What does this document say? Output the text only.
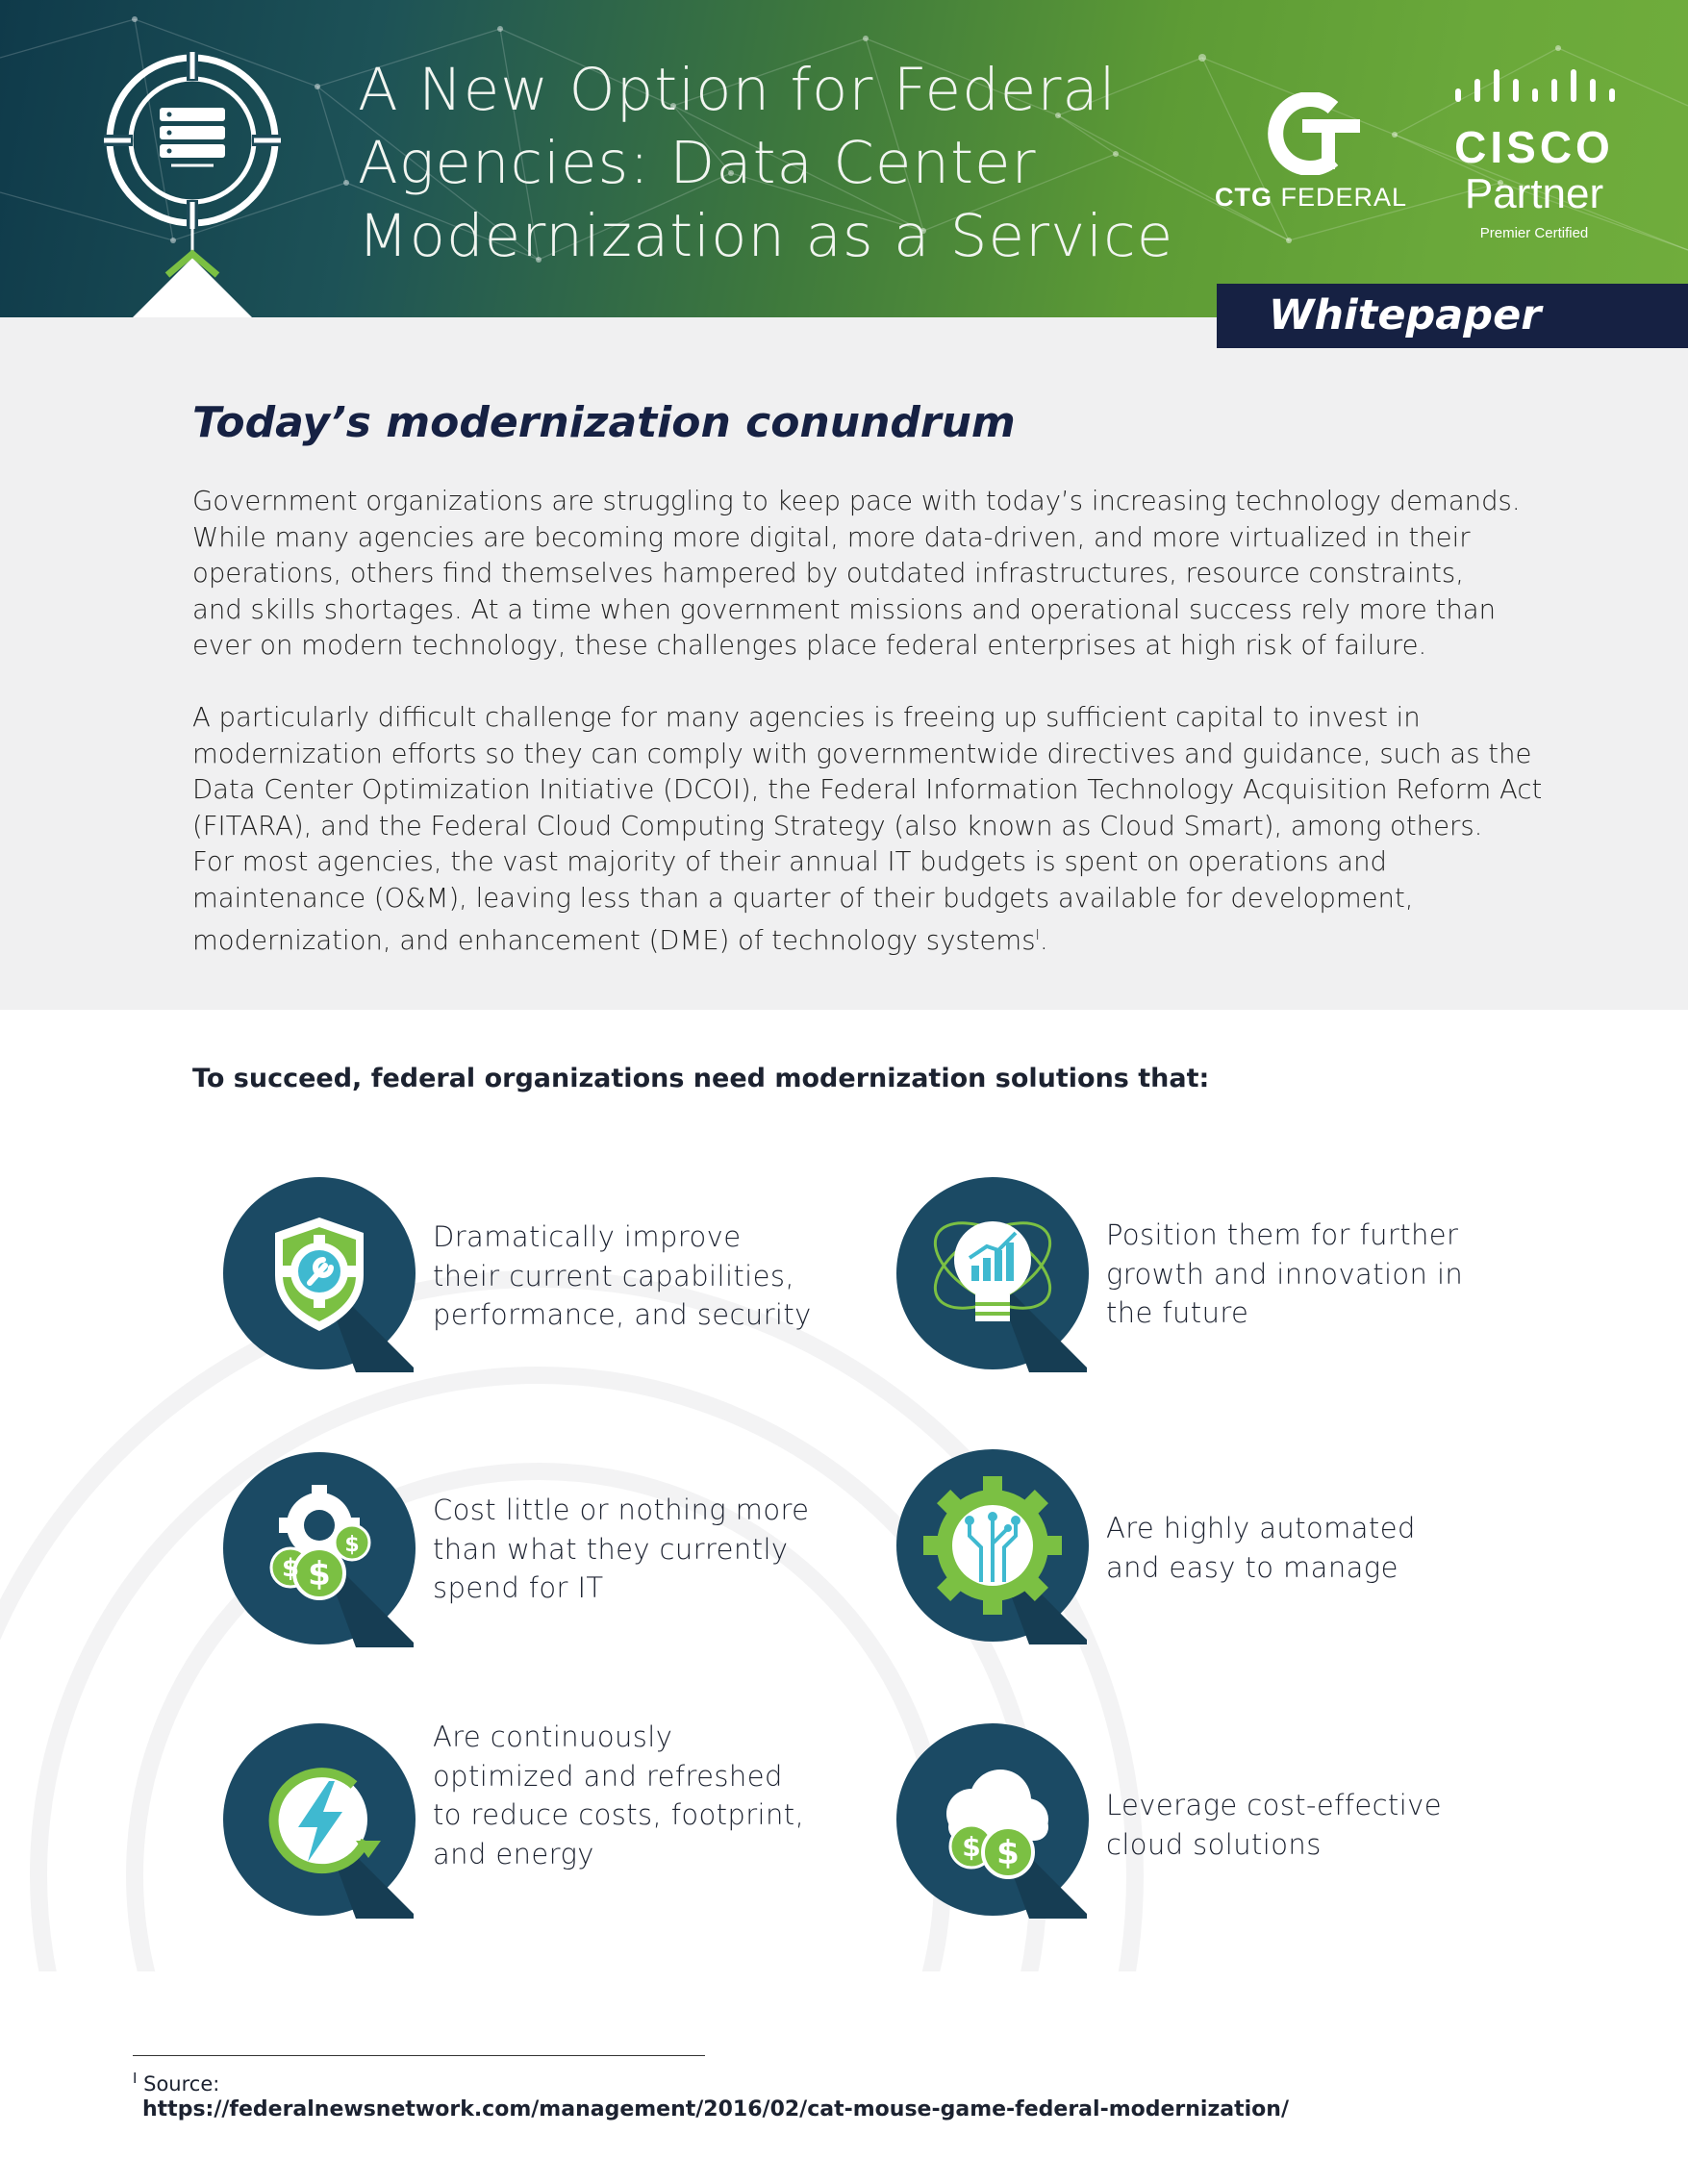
A New Option for Federal
Agencies: Data Center
Modernization as a Service
CTG FEDERAL
CISCO
Partner
Premier Certified
Whitepaper
Today’s modernization conundrum
Government organizations are struggling to keep pace with today’s increasing technology demands.
While many agencies are becoming more digital, more data-driven, and more virtualized in their
operations, others find themselves hampered by outdated infrastructures, resource constraints,
and skills shortages. At a time when government missions and operational success rely more than
ever on modern technology, these challenges place federal enterprises at high risk of failure.
A particularly difficult challenge for many agencies is freeing up sufficient capital to invest in
modernization efforts so they can comply with governmentwide directives and guidance, such as the
Data Center Optimization Initiative (DCOI), the Federal Information Technology Acquisition Reform Act
(FITARA), and the Federal Cloud Computing Strategy (also known as Cloud Smart), among others.
For most agencies, the vast majority of their annual IT budgets is spent on operations and
maintenance (O&M), leaving less than a quarter of their budgets available for development,
modernization, and enhancement (DME) of technology systems$^I$.
To succeed, federal organizations need modernization solutions that:
Dramatically improve
their current capabilities,
performance, and security
Position them for further
growth and innovation in
the future
$
$
$
Cost little or nothing more
than what they currently
spend for IT
Are highly automated
and easy to manage
Are continuously
optimized and refreshed
to reduce costs, footprint,
and energy	$ $
Leverage cost-effective
cloud solutions
$^I$ Source:
https://federalnewsnetwork.com/management/2016/02/cat-mouse-game-federal-modernization/
